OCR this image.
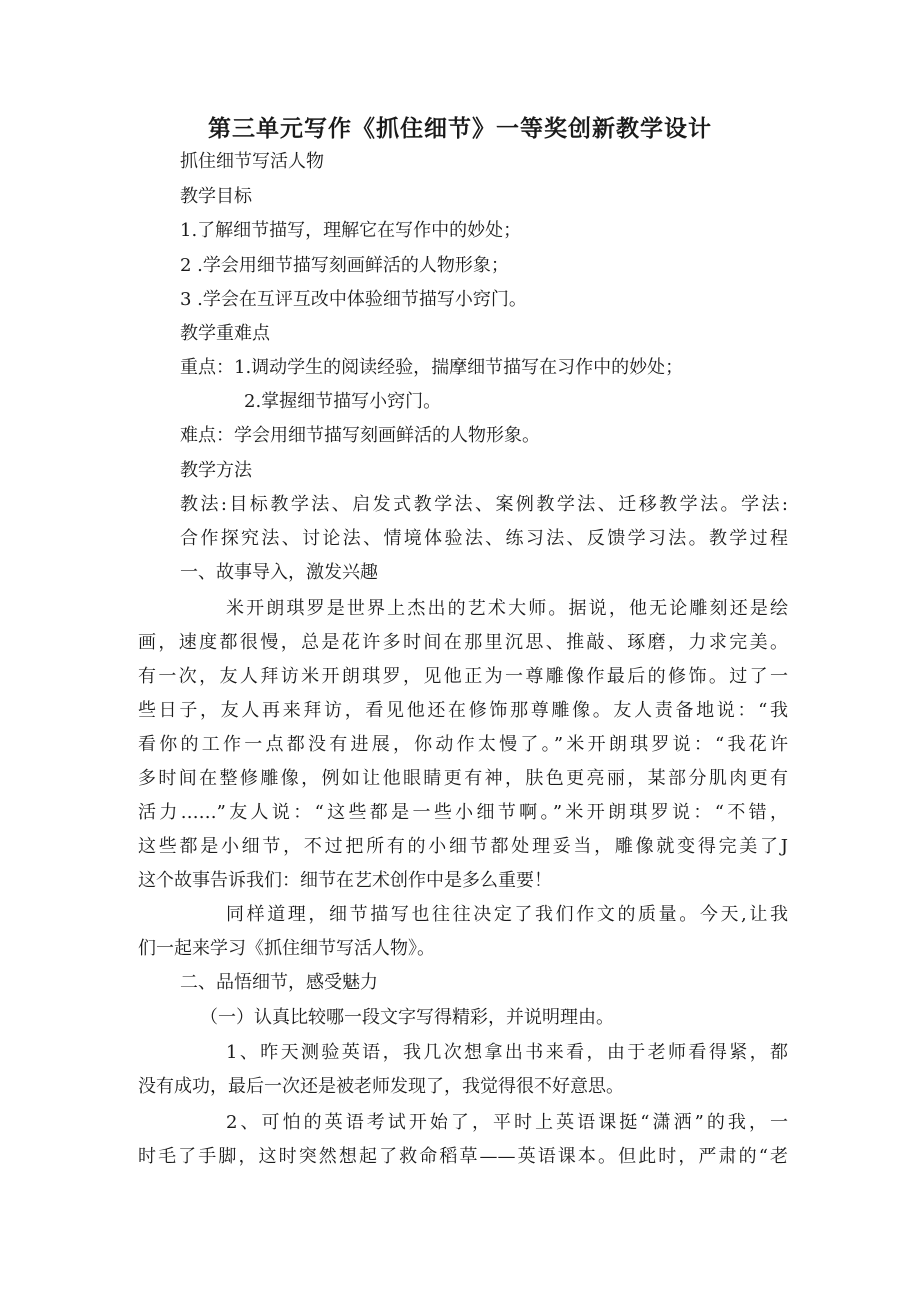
第三单元写作《抓住细节》一等奖创新教学设计
抓住细节写活人物
教学目标
1.了解细节描写，理解它在写作中的妙处；
2 .学会用细节描写刻画鲜活的人物形象；
3 .学会在互评互改中体验细节描写小窍门。
教学重难点
重点：1.调动学生的阅读经验，揣摩细节描写在习作中的妙处；
2.掌握细节描写小窍门。
难点：学会用细节描写刻画鲜活的人物形象。
教学方法
教法:目标教学法、启发式教学法、案例教学法、迁移教学法。学法:
合作探究法、讨论法、情境体验法、练习法、反馈学习法。教学过程
一、故事导入，激发兴趣
米开朗琪罗是世界上杰出的艺术大师。据说，他无论雕刻还是绘
画，速度都很慢，总是花许多时间在那里沉思、推敲、琢磨，力求完美。
有一次，友人拜访米开朗琪罗，见他正为一尊雕像作最后的修饰。过了一
些日子，友人再来拜访，看见他还在修饰那尊雕像。友人责备地说：“我
看你的工作一点都没有进展，你动作太慢了。”米开朗琪罗说：“我花许
多时间在整修雕像，例如让他眼睛更有神，肤色更亮丽，某部分肌肉更有
活力……”友人说：“这些都是一些小细节啊。”米开朗琪罗说：“不错，
这些都是小细节，不过把所有的小细节都处理妥当，雕像就变得完美了J
这个故事告诉我们：细节在艺术创作中是多么重要！
同样道理，细节描写也往往决定了我们作文的质量。今天,让我
们一起来学习《抓住细节写活人物》。
二、品悟细节，感受魅力
（一）认真比较哪一段文字写得精彩，并说明理由。
1、昨天测验英语，我几次想拿出书来看，由于老师看得紧，都
没有成功，最后一次还是被老师发现了，我觉得很不好意思。
2、可怕的英语考试开始了，平时上英语课挺“潇洒”的我，一
时毛了手脚，这时突然想起了救命稻草——英语课本。但此时，严肃的“老
